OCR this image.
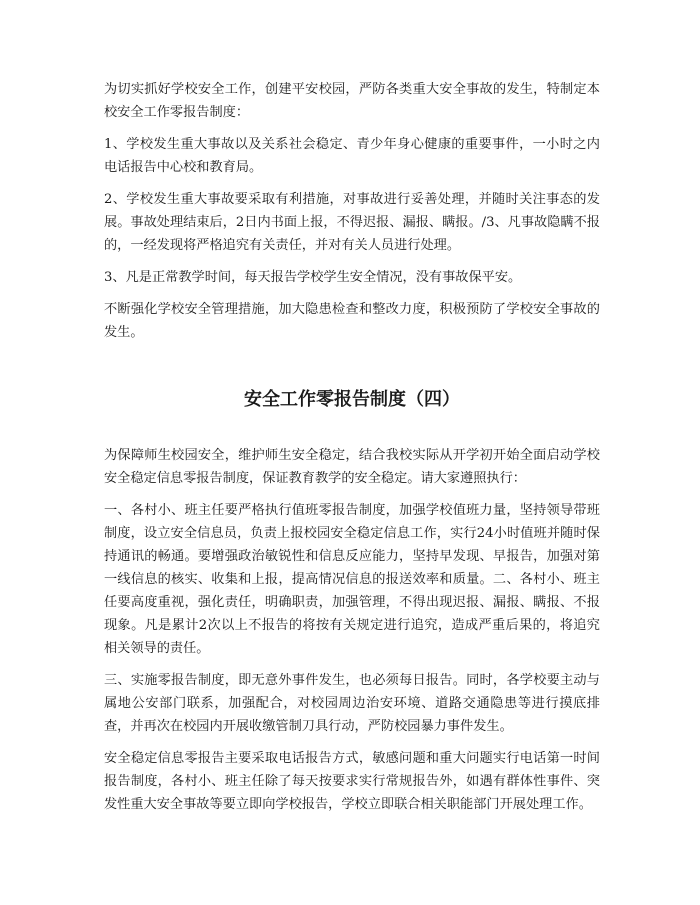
为切实抓好学校安全工作，创建平安校园，严防各类重大安全事故的发生，特制定本校安全工作零报告制度：

1、学校发生重大事故以及关系社会稳定、青少年身心健康的重要事件，一小时之内电话报告中心校和教育局。

2、学校发生重大事故要采取有利措施，对事故进行妥善处理，并随时关注事态的发展。事故处理结束后，2日内书面上报，不得迟报、漏报、瞒报。/3、凡事故隐瞒不报的，一经发现将严格追究有关责任，并对有关人员进行处理。

3、凡是正常教学时间，每天报告学校学生安全情况，没有事故保平安。

不断强化学校安全管理措施，加大隐患检查和整改力度，积极预防了学校安全事故的发生。

安全工作零报告制度（四）

为保障师生校园安全，维护师生安全稳定，结合我校实际从开学初开始全面启动学校安全稳定信息零报告制度，保证教育教学的安全稳定。请大家遵照执行：

一、各村小、班主任要严格执行值班零报告制度，加强学校值班力量，坚持领导带班制度，设立安全信息员，负责上报校园安全稳定信息工作，实行24小时值班并随时保持通讯的畅通。要增强政治敏锐性和信息反应能力，坚持早发现、早报告，加强对第一线信息的核实、收集和上报，提高情况信息的报送效率和质量。二、各村小、班主任要高度重视，强化责任，明确职责，加强管理，不得出现迟报、漏报、瞒报、不报现象。凡是累计2次以上不报告的将按有关规定进行追究，造成严重后果的，将追究相关领导的责任。

三、实施零报告制度，即无意外事件发生，也必须每日报告。同时，各学校要主动与属地公安部门联系，加强配合，对校园周边治安环境、道路交通隐患等进行摸底排查，并再次在校园内开展收缴管制刀具行动，严防校园暴力事件发生。

安全稳定信息零报告主要采取电话报告方式，敏感问题和重大问题实行电话第一时间报告制度，各村小、班主任除了每天按要求实行常规报告外，如遇有群体性事件、突发性重大安全事故等要立即向学校报告，学校立即联合相关职能部门开展处理工作。
